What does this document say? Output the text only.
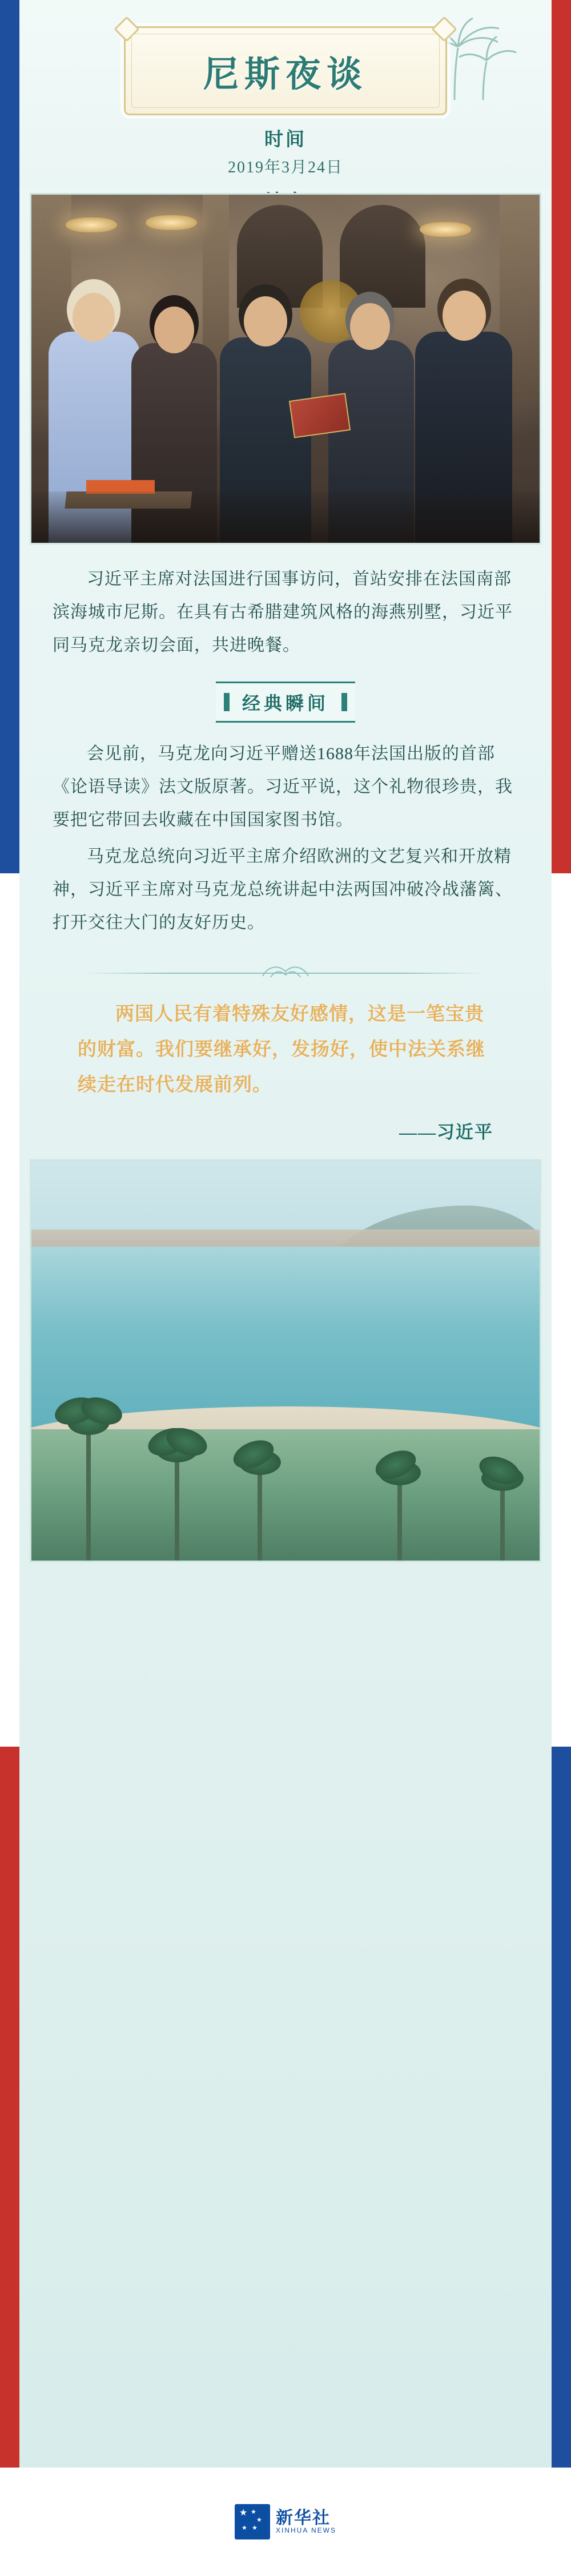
尼斯夜谈

时间

2019年3月24日

习近平主席对法国进行国事访问，首站安排在法国南部滨海城市尼斯。在具有古希腊建筑风格的海燕别墅，习近平同马克龙亲切会面，共进晚餐。

经典瞬间

会见前，马克龙向习近平赠送1688年法国出版的首部《论语导读》法文版原著。习近平说，这个礼物很珍贵，我要把它带回去收藏在中国国家图书馆。

马克龙总统向习近平主席介绍欧洲的文艺复兴和开放精神，习近平主席对马克龙总统讲起中法两国冲破冷战藩篱、打开交往大门的友好历史。

两国人民有着特殊友好感情，这是一笔宝贵的财富。我们要继承好，发扬好，使中法关系继续走在时代发展前列。

——习近平

★ ★
★
★
★
新华社
XINHUA NEWS
